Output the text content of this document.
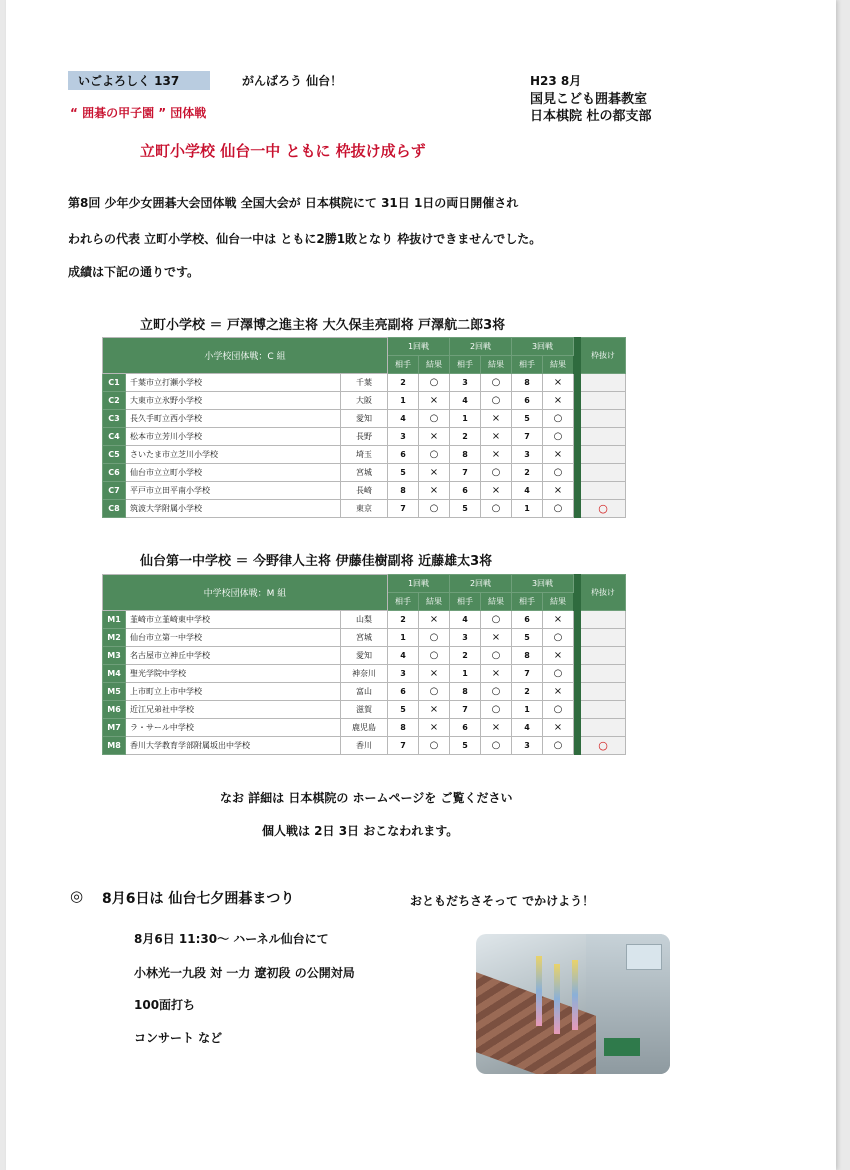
いごよろしく 137	がんばろう 仙台！
“ 囲碁の甲子園 ” 団体戦
H23 8月
国見こども囲碁教室
日本棋院 杜の都支部
立町小学校 仙台一中 ともに 枠抜け成らず
第8回 少年少女囲碁大会団体戦 全国大会が 日本棋院にて 31日 1日の両日開催され
われらの代表 立町小学校、仙台一中は ともに2勝1敗となり 枠抜けできませんでした。
成績は下記の通りです。
立町小学校 ＝ 戸澤博之進主将 大久保圭亮副将 戸澤航二郎3将
小学校団体戦：C 組			1回戦		2回戦		3回戦			枠抜け
			相手	結果	相手	結果	相手	結果		
C1	千葉市立打瀬小学校	千葉	2	○	3	○	8	×		
C2	大東市立氷野小学校	大阪	1	×	4	○	6	×		
C3	長久手町立西小学校	愛知	4	○	1	×	5	○		
C4	松本市立芳川小学校	長野	3	×	2	×	7	○		
C5	さいたま市立芝川小学校	埼玉	6	○	8	×	3	×		
C6	仙台市立立町小学校	宮城	5	×	7	○	2	○		
C7	平戸市立田平南小学校	長崎	8	×	6	×	4	×		
C8	筑波大学附属小学校	東京	7	○	5	○	1	○		○
仙台第一中学校 ＝ 今野律人主将 伊藤佳樹副将 近藤雄太3将
中学校団体戦：M 組			1回戦		2回戦		3回戦			枠抜け
			相手	結果	相手	結果	相手	結果		
M1	韮崎市立韮崎東中学校	山梨	2	×	4	○	6	×		
M2	仙台市立第一中学校	宮城	1	○	3	×	5	○		
M3	名古屋市立神丘中学校	愛知	4	○	2	○	8	×		
M4	聖光学院中学校	神奈川	3	×	1	×	7	○		
M5	上市町立上市中学校	富山	6	○	8	○	2	×		
M6	近江兄弟社中学校	滋賀	5	×	7	○	1	○		
M7	ラ・サール中学校	鹿児島	8	×	6	×	4	×		
M8	香川大学教育学部附属坂出中学校	香川	7	○	5	○	3	○		○
なお 詳細は 日本棋院の ホームページを ご覧ください
個人戦は 2日 3日 おこなわれます。
◎ 8月6日は 仙台七夕囲碁まつり	おともだちさそって でかけよう！
8月6日 11:30〜 ハーネル仙台にて
小林光一九段 対 一力 遼初段 の公開対局
100面打ち
コンサート など
